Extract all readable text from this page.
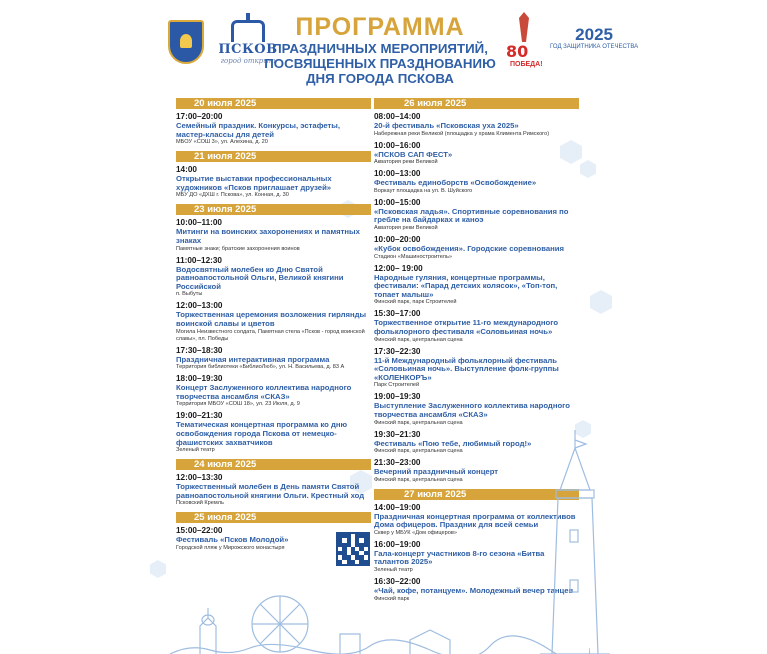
ПСКОВ
город открыт
ПРОГРАММА
ПРАЗДНИЧНЫХ МЕРОПРИЯТИЙ,
ПОСВЯЩЕННЫХ ПРАЗДНОВАНИЮ
ДНЯ ГОРОДА ПСКОВА
80
ПОБЕДА!
2025
ГОД ЗАЩИТНИКА ОТЕЧЕСТВА
20 июля 2025
17:00–20:00
Семейный праздник. Конкурсы, эстафеты, мастер-классы для детей
МБОУ «СОШ 3», ул. Алехина, д. 20
21 июля 2025
14:00
Открытие выставки профессиональных художников «Псков приглашает друзей»
МБУ ДО «ДХШ г. Пскова», ул. Конная, д. 30
23 июля 2025
10:00–11:00
Митинги на воинских захоронениях и памятных знаках
Памятные знаки; братские захоронения воинов
11:00–12:30
Водосвятный молебен ко Дню Святой равноапостольной Ольги, Великой княгини Российской
п. Выбуты
12:00–13:00
Торжественная церемония возложения гирлянды воинской славы и цветов
Могила Неизвестного солдата, Памятная стела «Псков - город воинской славы», пл. Победы
17:30–18:30
Праздничная интерактивная программа
Территория библиотеки «БиблиоЛюб», ул. Н. Васильева, д. 83 А
18:00–19:30
Концерт Заслуженного коллектива народного творчества ансамбля «СКАЗ»
Территория МБОУ «СОШ 18», ул. 23 Июля, д. 9
19:00–21:30
Тематическая концертная программа ко дню освобождения города Пскова от немецко-фашистских захватчиков
Зеленый театр
24 июля 2025
12:00–13:30
Торжественный молебен в День памяти Святой равноапостольной княгини Ольги. Крестный ход
Псковский Кремль
25 июля 2025
15:00–22:00
Фестиваль «Псков Молодой»
Городской пляж у Мирожского монастыря
26 июля 2025
08:00–14:00
20-й фестиваль «Псковская уха 2025»
Набережная реки Великой (площадка у храма Климента Римского)
10:00–16:00
«ПСКОВ САП ФЕСТ»
Акватория реки Великой
10:00–13:00
Фестиваль единоборств «Освобождение»
Воркаут площадка на ул. В. Шуйского
10:00–15:00
«Псковская ладья». Спортивные соревнования по гребле на байдарках и каноэ
Акватория реки Великой
10:00–20:00
«Кубок освобождения». Городские соревнования
Стадион «Машиностроитель»
12:00– 19:00
Народные гуляния, концертные программы, фестивали: «Парад детских колясок», «Топ-топ, топает малыш»
Финский парк, парк Строителей
15:30–17:00
Торжественное открытие 11-го международного фольклорного фестиваля «Соловьиная ночь»
Финский парк, центральная сцена
17:30–22:30
11-й Международный фольклорный фестиваль «Соловьиная ночь». Выступление фолк-группы «КОЛЕНКОРЪ»
Парк Строителей
19:00–19:30
Выступление Заслуженного коллектива народного творчества ансамбля «СКАЗ»
Финский парк, центральная сцена
19:30–21:30
Фестиваль «Пою тебе, любимый город!»
Финский парк, центральная сцена
21:30–23:00
Вечерний праздничный концерт
Финский парк, центральная сцена
27 июля 2025
14:00–19:00
Праздничная концертная программа от коллективов Дома офицеров. Праздник для всей семьи
Сквер у МБУК «Дом офицеров»
16:00–19:00
Гала-концерт участников 8-го сезона «Битва талантов 2025»
Зеленый театр
16:30–22:00
«Чай, кофе, потанцуем». Молодежный вечер танцев
Финский парк
